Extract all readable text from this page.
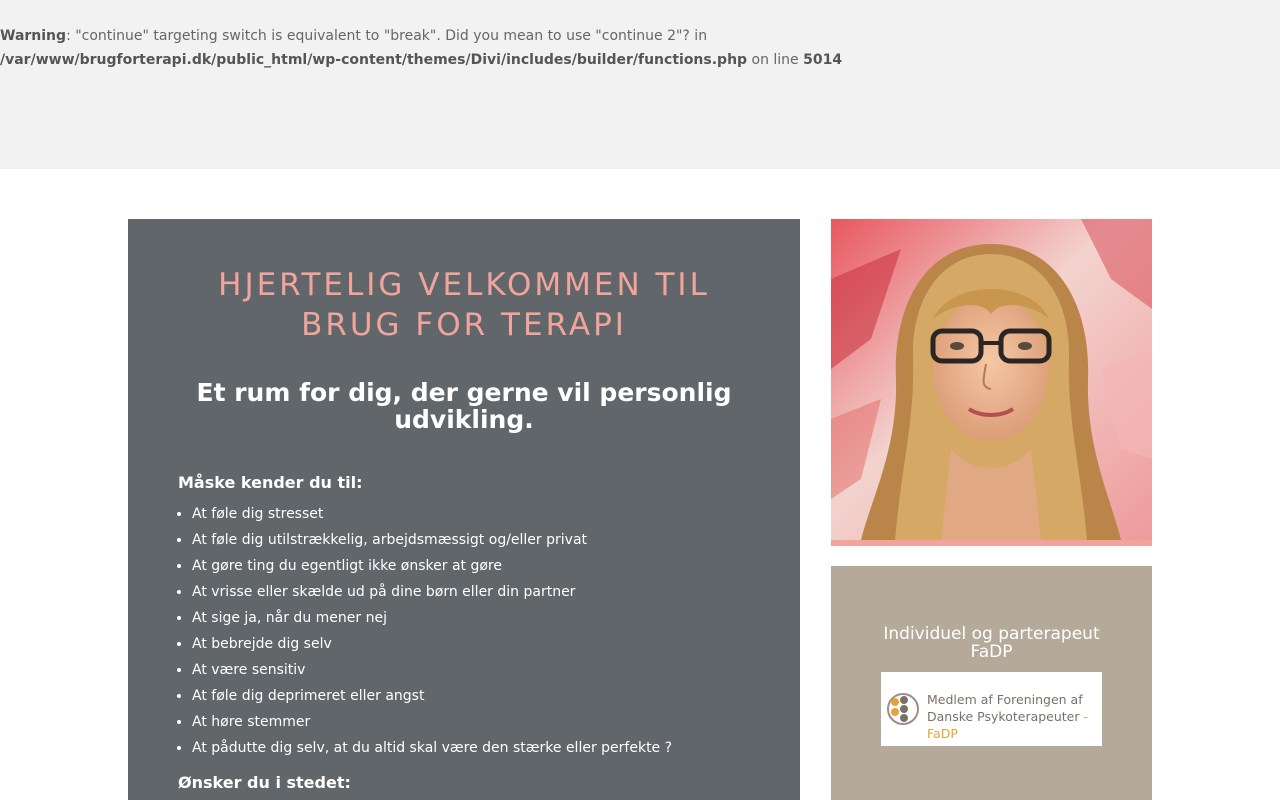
Warning: "continue" targeting switch is equivalent to "break". Did you mean to use "continue 2"? in /var/www/brugforterapi.dk/public_html/wp-content/themes/Divi/includes/builder/functions.php on line 5014
HJERTELIG VELKOMMEN TIL
BRUG FOR TERAPI
Et rum for dig, der gerne vil personlig udvikling.
Måske kender du til:
• At føle dig stresset
• At føle dig utilstrækkelig, arbejdsmæssigt og/eller privat
• At gøre ting du egentligt ikke ønsker at gøre
• At vrisse eller skælde ud på dine børn eller din partner
• At sige ja, når du mener nej
• At bebrejde dig selv
• At være sensitiv
• At føle dig deprimeret eller angst
• At høre stemmer
• At pådutte dig selv, at du altid skal være den stærke eller perfekte ?
Ønsker du i stedet:
Individuel og parterapeut
FaDP
Medlem af Foreningen af
Danske Psykoterapeuter - FaDP
